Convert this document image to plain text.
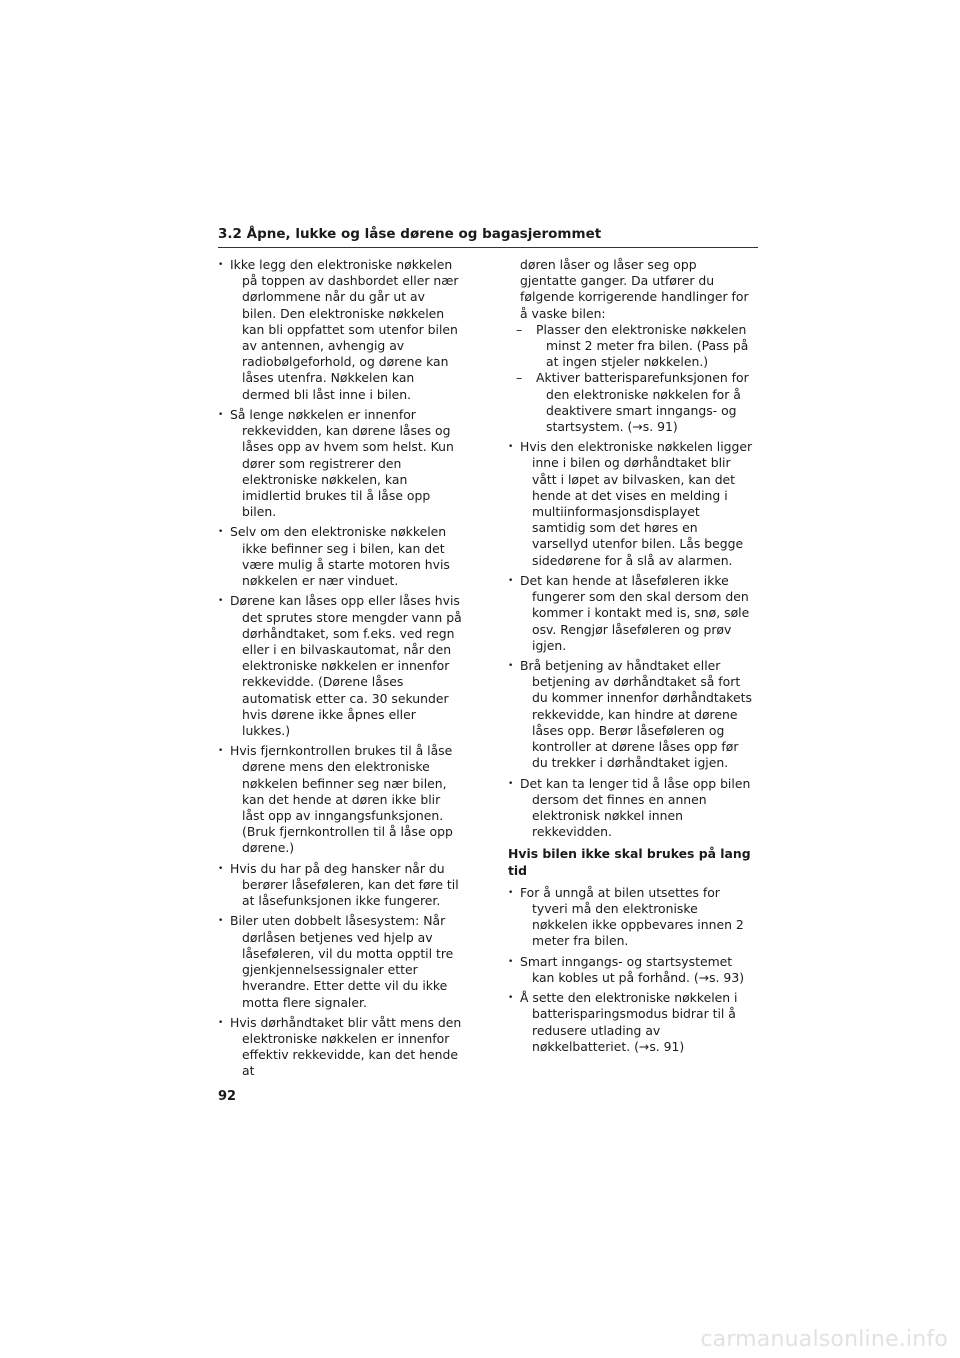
3.2 Åpne, lukke og låse dørene og bagasjerommet
• Ikke legg den elektroniske nøkkelen på toppen av dashbordet eller nær dørlommene når du går ut av bilen. Den elektroniske nøkkelen kan bli oppfattet som utenfor bilen av antennen, avhengig av radiobølgeforhold, og dørene kan låses utenfra. Nøkkelen kan dermed bli låst inne i bilen.
• Så lenge nøkkelen er innenfor rekkevidden, kan dørene låses og låses opp av hvem som helst. Kun dører som registrerer den elektroniske nøkkelen, kan imidlertid brukes til å låse opp bilen.
• Selv om den elektroniske nøkkelen ikke befinner seg i bilen, kan det være mulig å starte motoren hvis nøkkelen er nær vinduet.
• Dørene kan låses opp eller låses hvis det sprutes store mengder vann på dørhåndtaket, som f.eks. ved regn eller i en bilvaskautomat, når den elektroniske nøkkelen er innenfor rekkevidde. (Dørene låses automatisk etter ca. 30 sekunder hvis dørene ikke åpnes eller lukkes.)
• Hvis fjernkontrollen brukes til å låse dørene mens den elektroniske nøkkelen befinner seg nær bilen, kan det hende at døren ikke blir låst opp av inngangsfunksjonen. (Bruk fjernkontrollen til å låse opp dørene.)
• Hvis du har på deg hansker når du berører låseføleren, kan det føre til at låsefunksjonen ikke fungerer.
• Biler uten dobbelt låsesystem: Når dørlåsen betjenes ved hjelp av låseføleren, vil du motta opptil tre gjenkjennelsessignaler etter hverandre. Etter dette vil du ikke motta flere signaler.
• Hvis dørhåndtaket blir vått mens den elektroniske nøkkelen er innenfor effektiv rekkevidde, kan det hende at
døren låser og låser seg opp gjentatte ganger. Da utfører du følgende korrigerende handlinger for å vaske bilen:
– Plasser den elektroniske nøkkelen minst 2 meter fra bilen. (Pass på at ingen stjeler nøkkelen.)
– Aktiver batterisparefunksjonen for den elektroniske nøkkelen for å deaktivere smart inngangs- og startsystem. (→s. 91)
• Hvis den elektroniske nøkkelen ligger inne i bilen og dørhåndtaket blir vått i løpet av bilvasken, kan det hende at det vises en melding i multiinformasjonsdisplayet samtidig som det høres en varsellyd utenfor bilen. Lås begge sidedørene for å slå av alarmen.
• Det kan hende at låseføleren ikke fungerer som den skal dersom den kommer i kontakt med is, snø, søle osv. Rengjør låseføleren og prøv igjen.
• Brå betjening av håndtaket eller betjening av dørhåndtaket så fort du kommer innenfor dørhåndtakets rekkevidde, kan hindre at dørene låses opp. Berør låseføleren og kontroller at dørene låses opp før du trekker i dørhåndtaket igjen.
• Det kan ta lenger tid å låse opp bilen dersom det finnes en annen elektronisk nøkkel innen rekkevidden.
Hvis bilen ikke skal brukes på lang tid
• For å unngå at bilen utsettes for tyveri må den elektroniske nøkkelen ikke oppbevares innen 2 meter fra bilen.
• Smart inngangs- og startsystemet kan kobles ut på forhånd. (→s. 93)
• Å sette den elektroniske nøkkelen i batterisparingsmodus bidrar til å redusere utlading av nøkkelbatteriet. (→s. 91)
92
carmanualsonline.info
